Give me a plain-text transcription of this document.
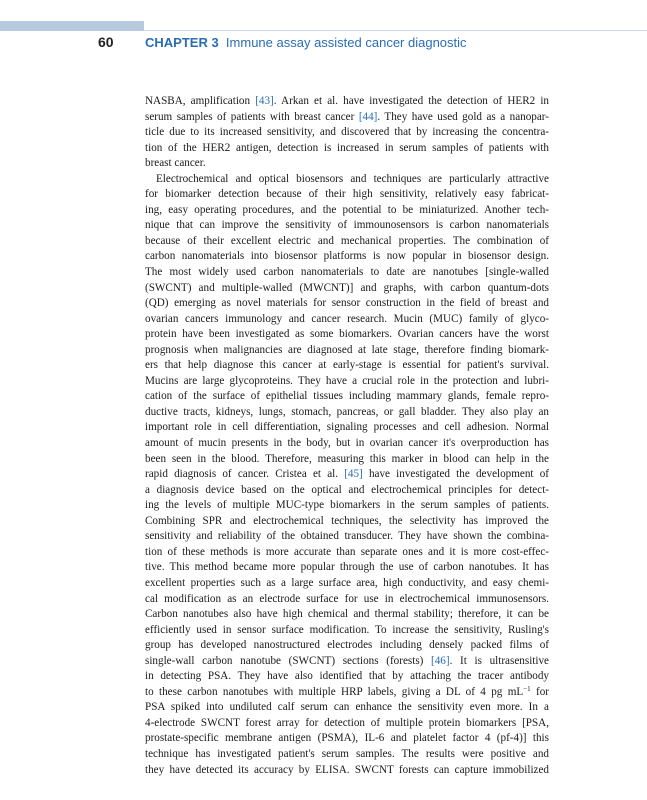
60 CHAPTER 3 Immune assay assisted cancer diagnostic
NASBA, amplification [43]. Arkan et al. have investigated the detection of HER2 in
serum samples of patients with breast cancer [44]. They have used gold as a nanopar-
ticle due to its increased sensitivity, and discovered that by increasing the concentra-
tion of the HER2 antigen, detection is increased in serum samples of patients with
breast cancer.
Electrochemical and optical biosensors and techniques are particularly attractive
for biomarker detection because of their high sensitivity, relatively easy fabricat-
ing, easy operating procedures, and the potential to be miniaturized. Another tech-
nique that can improve the sensitivity of immounosensors is carbon nanomaterials
because of their excellent electric and mechanical properties. The combination of
carbon nanomaterials into biosensor platforms is now popular in biosensor design.
The most widely used carbon nanomaterials to date are nanotubes [single-walled
(SWCNT) and multiple-walled (MWCNT)] and graphs, with carbon quantum-dots
(QD) emerging as novel materials for sensor construction in the field of breast and
ovarian cancers immunology and cancer research. Mucin (MUC) family of glyco-
protein have been investigated as some biomarkers. Ovarian cancers have the worst
prognosis when malignancies are diagnosed at late stage, therefore finding biomark-
ers that help diagnose this cancer at early-stage is essential for patient's survival.
Mucins are large glycoproteins. They have a crucial role in the protection and lubri-
cation of the surface of epithelial tissues including mammary glands, female repro-
ductive tracts, kidneys, lungs, stomach, pancreas, or gall bladder. They also play an
important role in cell differentiation, signaling processes and cell adhesion. Normal
amount of mucin presents in the body, but in ovarian cancer it's overproduction has
been seen in the blood. Therefore, measuring this marker in blood can help in the
rapid diagnosis of cancer. Cristea et al. [45] have investigated the development of
a diagnosis device based on the optical and electrochemical principles for detect-
ing the levels of multiple MUC-type biomarkers in the serum samples of patients.
Combining SPR and electrochemical techniques, the selectivity has improved the
sensitivity and reliability of the obtained transducer. They have shown the combina-
tion of these methods is more accurate than separate ones and it is more cost-effec-
tive. This method became more popular through the use of carbon nanotubes. It has
excellent properties such as a large surface area, high conductivity, and easy chemi-
cal modification as an electrode surface for use in electrochemical immunosensors.
Carbon nanotubes also have high chemical and thermal stability; therefore, it can be
efficiently used in sensor surface modification. To increase the sensitivity, Rusling's
group has developed nanostructured electrodes including densely packed films of
single-wall carbon nanotube (SWCNT) sections (forests) [46]. It is ultrasensitive
in detecting PSA. They have also identified that by attaching the tracer antibody
to these carbon nanotubes with multiple HRP labels, giving a DL of 4 pg $mL^{-1}$ for
PSA spiked into undiluted calf serum can enhance the sensitivity even more. In a
4-electrode SWCNT forest array for detection of multiple protein biomarkers [PSA,
prostate-specific membrane antigen (PSMA), IL-6 and platelet factor 4 (pf-4)] this
technique has investigated patient's serum samples. The results were positive and
they have detected its accuracy by ELISA. SWCNT forests can capture immobilized
